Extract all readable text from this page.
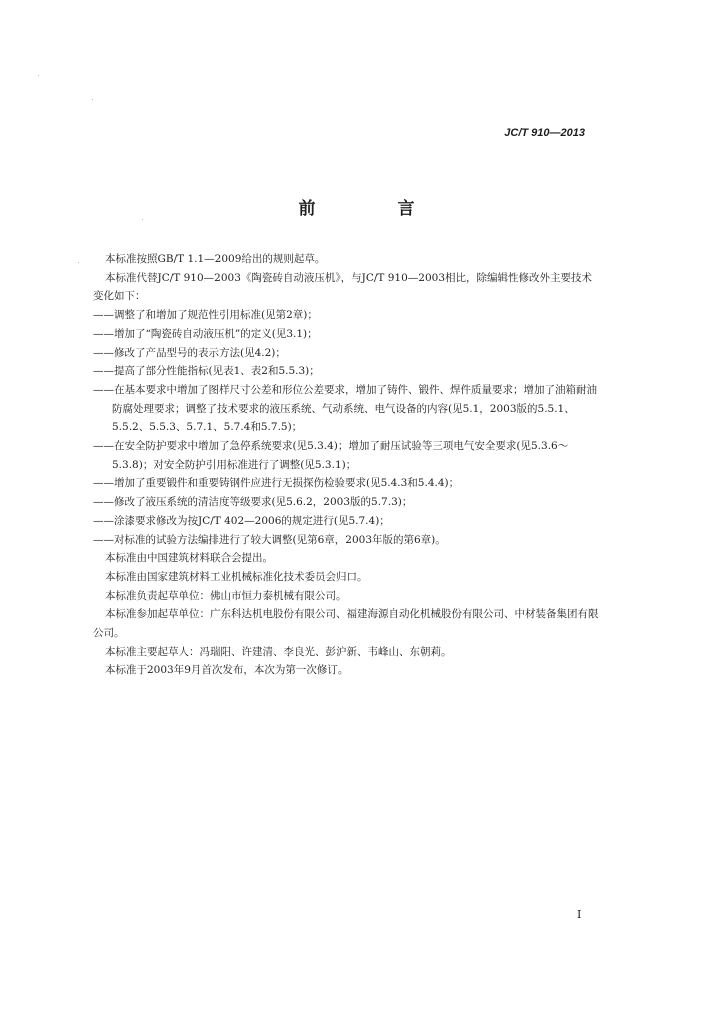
JC/T 910—2013
前 言

本标准按照GB/T 1.1—2009给出的规则起草。

本标准代替JC/T 910—2003《陶瓷砖自动液压机》，与JC/T 910—2003相比，除编辑性修改外主要技术变化如下：

——调整了和增加了规范性引用标准(见第2章)；

——增加了“陶瓷砖自动液压机”的定义(见3.1)；

——修改了产品型号的表示方法(见4.2)；

——提高了部分性能指标(见表1、表2和5.5.3)；

——在基本要求中增加了图样尺寸公差和形位公差要求，增加了铸件、锻件、焊件质量要求；增加了油箱耐油防腐处理要求；调整了技术要求的液压系统、气动系统、电气设备的内容(见5.1，2003版的5.5.1、5.5.2、5.5.3、5.7.1、5.7.4和5.7.5)；

——在安全防护要求中增加了急停系统要求(见5.3.4)；增加了耐压试验等三项电气安全要求(见5.3.6～5.3.8)；对安全防护引用标准进行了调整(见5.3.1)；

——增加了重要锻件和重要铸钢件应进行无损探伤检验要求(见5.4.3和5.4.4)；

——修改了液压系统的清洁度等级要求(见5.6.2，2003版的5.7.3)；

——涂漆要求修改为按JC/T 402—2006的规定进行(见5.7.4)；

——对标准的试验方法编排进行了较大调整(见第6章，2003年版的第6章)。

本标准由中国建筑材料联合会提出。

本标准由国家建筑材料工业机械标准化技术委员会归口。

本标准负责起草单位：佛山市恒力泰机械有限公司。

本标准参加起草单位：广东科达机电股份有限公司、福建海源自动化机械股份有限公司、中材装备集团有限公司。

本标准主要起草人：冯瑞阳、许建清、李良光、彭沪新、韦峰山、东朝莉。

本标准于2003年9月首次发布，本次为第一次修订。

I
